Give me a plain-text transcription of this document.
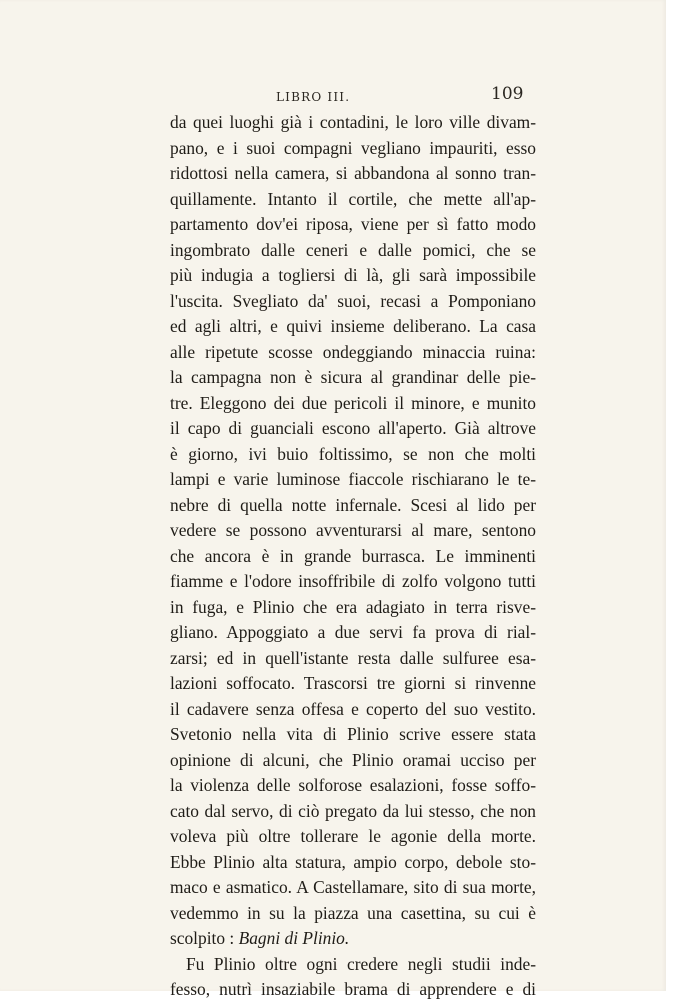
LIBRO III.	109
da quei luoghi già i contadini, le loro ville divam-
pano, e i suoi compagni vegliano impauriti, esso
ridottosi nella camera, si abbandona al sonno tran-
quillamente. Intanto il cortile, che mette all'ap-
partamento dov'ei riposa, viene per sì fatto modo
ingombrato dalle ceneri e dalle pomici, che se
più indugia a togliersi di là, gli sarà impossibile
l'uscita. Svegliato da' suoi, recasi a Pomponiano
ed agli altri, e quivi insieme deliberano. La casa
alle ripetute scosse ondeggiando minaccia ruina:
la campagna non è sicura al grandinar delle pie-
tre. Eleggono dei due pericoli il minore, e munito
il capo di guanciali escono all'aperto. Già altrove
è giorno, ivi buio foltissimo, se non che molti
lampi e varie luminose fiaccole rischiarano le te-
nebre di quella notte infernale. Scesi al lido per
vedere se possono avventurarsi al mare, sentono
che ancora è in grande burrasca. Le imminenti
fiamme e l'odore insoffribile di zolfo volgono tutti
in fuga, e Plinio che era adagiato in terra risve-
gliano. Appoggiato a due servi fa prova di rial-
zarsi; ed in quell'istante resta dalle sulfuree esa-
lazioni soffocato. Trascorsi tre giorni si rinvenne
il cadavere senza offesa e coperto del suo vestito.
Svetonio nella vita di Plinio scrive essere stata
opinione di alcuni, che Plinio oramai ucciso per
la violenza delle solforose esalazioni, fosse soffo-
cato dal servo, di ciò pregato da lui stesso, che non
voleva più oltre tollerare le agonie della morte.
Ebbe Plinio alta statura, ampio corpo, debole sto-
maco e asmatico. A Castellamare, sito di sua morte,
vedemmo in su la piazza una casettina, su cui è
scolpito : Bagni di Plinio.
Fu Plinio oltre ogni credere negli studii inde-
fesso, nutrì insaziabile brama di apprendere e di
